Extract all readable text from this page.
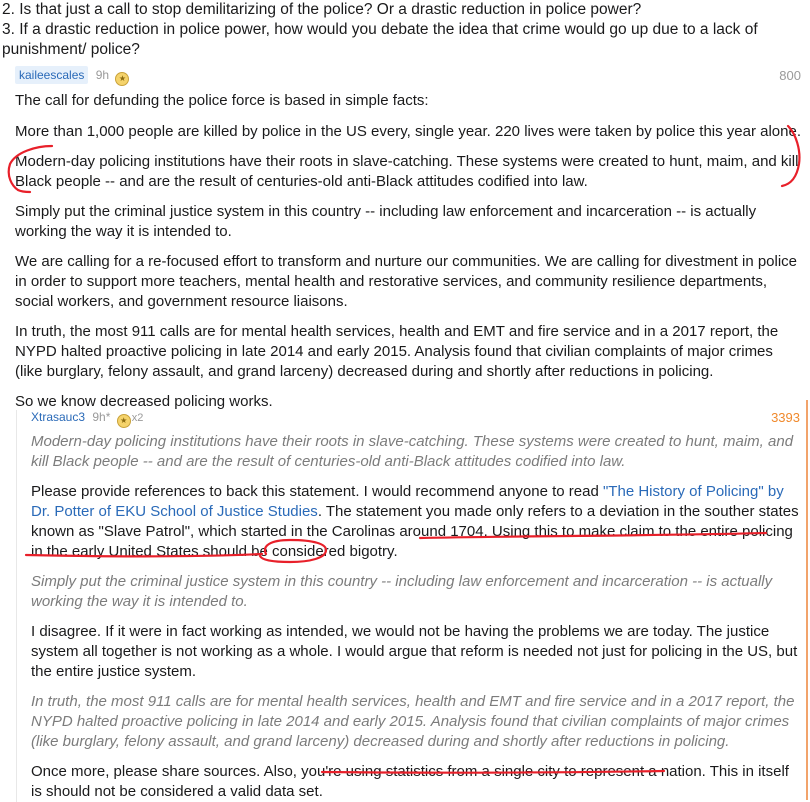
2. Is that just a call to stop demilitarizing of the police? Or a drastic reduction in police power?
3. If a drastic reduction in police power, how would you debate the idea that crime would go up due to a lack of punishment/ police?
kaileescales 9h ★	800

The call for defunding the police force is based in simple facts:

More than 1,000 people are killed by police in the US every, single year. 220 lives were taken by police this year alone.

Modern-day policing institutions have their roots in slave-catching. These systems were created to hunt, maim, and kill Black people -- and are the result of centuries-old anti-Black attitudes codified into law.

Simply put the criminal justice system in this country -- including law enforcement and incarceration -- is actually working the way it is intended to.

We are calling for a re-focused effort to transform and nurture our communities. We are calling for divestment in police in order to support more teachers, mental health and restorative services, and community resilience departments, social workers, and government resource liaisons.

In truth, the most 911 calls are for mental health services, health and EMT and fire service and in a 2017 report, the NYPD halted proactive policing in late 2014 and early 2015. Analysis found that civilian complaints of major crimes (like burglary, felony assault, and grand larceny) decreased during and shortly after reductions in policing.

So we know decreased policing works.

Xtrasauc3 9h* ★ x2	3393

Modern-day policing institutions have their roots in slave-catching. These systems were created to hunt, maim, and kill Black people -- and are the result of centuries-old anti-Black attitudes codified into law.

Please provide references to back this statement. I would recommend anyone to read "The History of Policing" by Dr. Potter of EKU School of Justice Studies. The statement you made only refers to a deviation in the souther states known as "Slave Patrol", which started in the Carolinas around 1704. Using this to make claim to the entire policing in the early United States should be considered bigotry.

Simply put the criminal justice system in this country -- including law enforcement and incarceration -- is actually working the way it is intended to.

I disagree. If it were in fact working as intended, we would not be having the problems we are today. The justice system all together is not working as a whole. I would argue that reform is needed not just for policing in the US, but the entire justice system.

In truth, the most 911 calls are for mental health services, health and EMT and fire service and in a 2017 report, the NYPD halted proactive policing in late 2014 and early 2015. Analysis found that civilian complaints of major crimes (like burglary, felony assault, and grand larceny) decreased during and shortly after reductions in policing.

Once more, please share sources. Also, you're using statistics from a single city to represent a nation. This in itself is should not be considered a valid data set.
